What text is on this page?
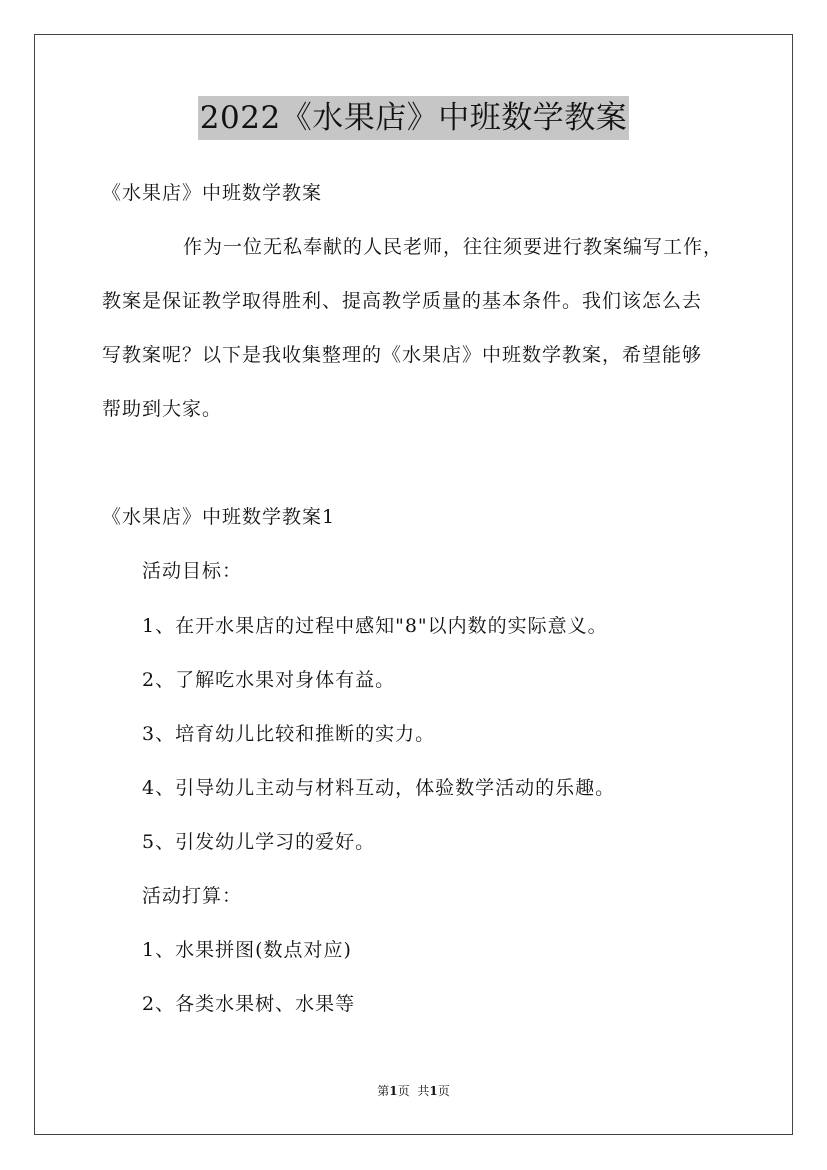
2022《水果店》中班数学教案
《水果店》中班数学教案
作为一位无私奉献的人民老师，往往须要进行教案编写工作，
教案是保证教学取得胜利、提高教学质量的基本条件。我们该怎么去
写教案呢？以下是我收集整理的《水果店》中班数学教案，希望能够
帮助到大家。
《水果店》中班数学教案1
活动目标：
1、在开水果店的过程中感知"8"以内数的实际意义。
2、了解吃水果对身体有益。
3、培育幼儿比较和推断的实力。
4、引导幼儿主动与材料互动，体验数学活动的乐趣。
5、引发幼儿学习的爱好。
活动打算：
1、水果拼图(数点对应)
2、各类水果树、水果等
第1页 共1页
